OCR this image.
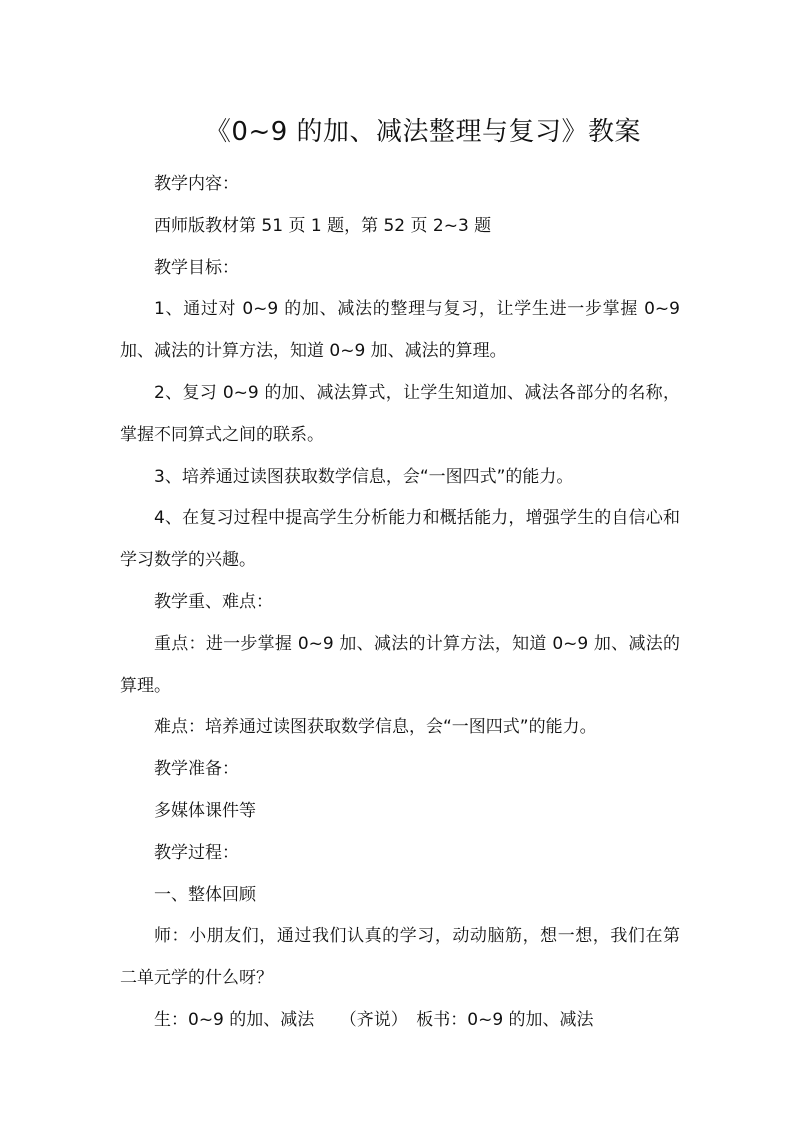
《0~9 的加、减法整理与复习》教案

教学内容：

西师版教材第 51 页 1 题，第 52 页 2~3 题

教学目标：

1、通过对 0~9 的加、减法的整理与复习，让学生进一步掌握 0~9 加、减法的计算方法，知道 0~9 加、减法的算理。

2、复习 0~9 的加、减法算式，让学生知道加、减法各部分的名称，掌握不同算式之间的联系。

3、培养通过读图获取数学信息，会“一图四式”的能力。

4、在复习过程中提高学生分析能力和概括能力，增强学生的自信心和学习数学的兴趣。

教学重、难点：

重点：进一步掌握 0~9 加、减法的计算方法，知道 0~9 加、减法的算理。

难点：培养通过读图获取数学信息，会“一图四式”的能力。

教学准备：

多媒体课件等

教学过程：

一、整体回顾

师：小朋友们，通过我们认真的学习，动动脑筋，想一想，我们在第二单元学的什么呀？

生：0~9 的加、减法　　（齐说）　板书：0~9 的加、减法
